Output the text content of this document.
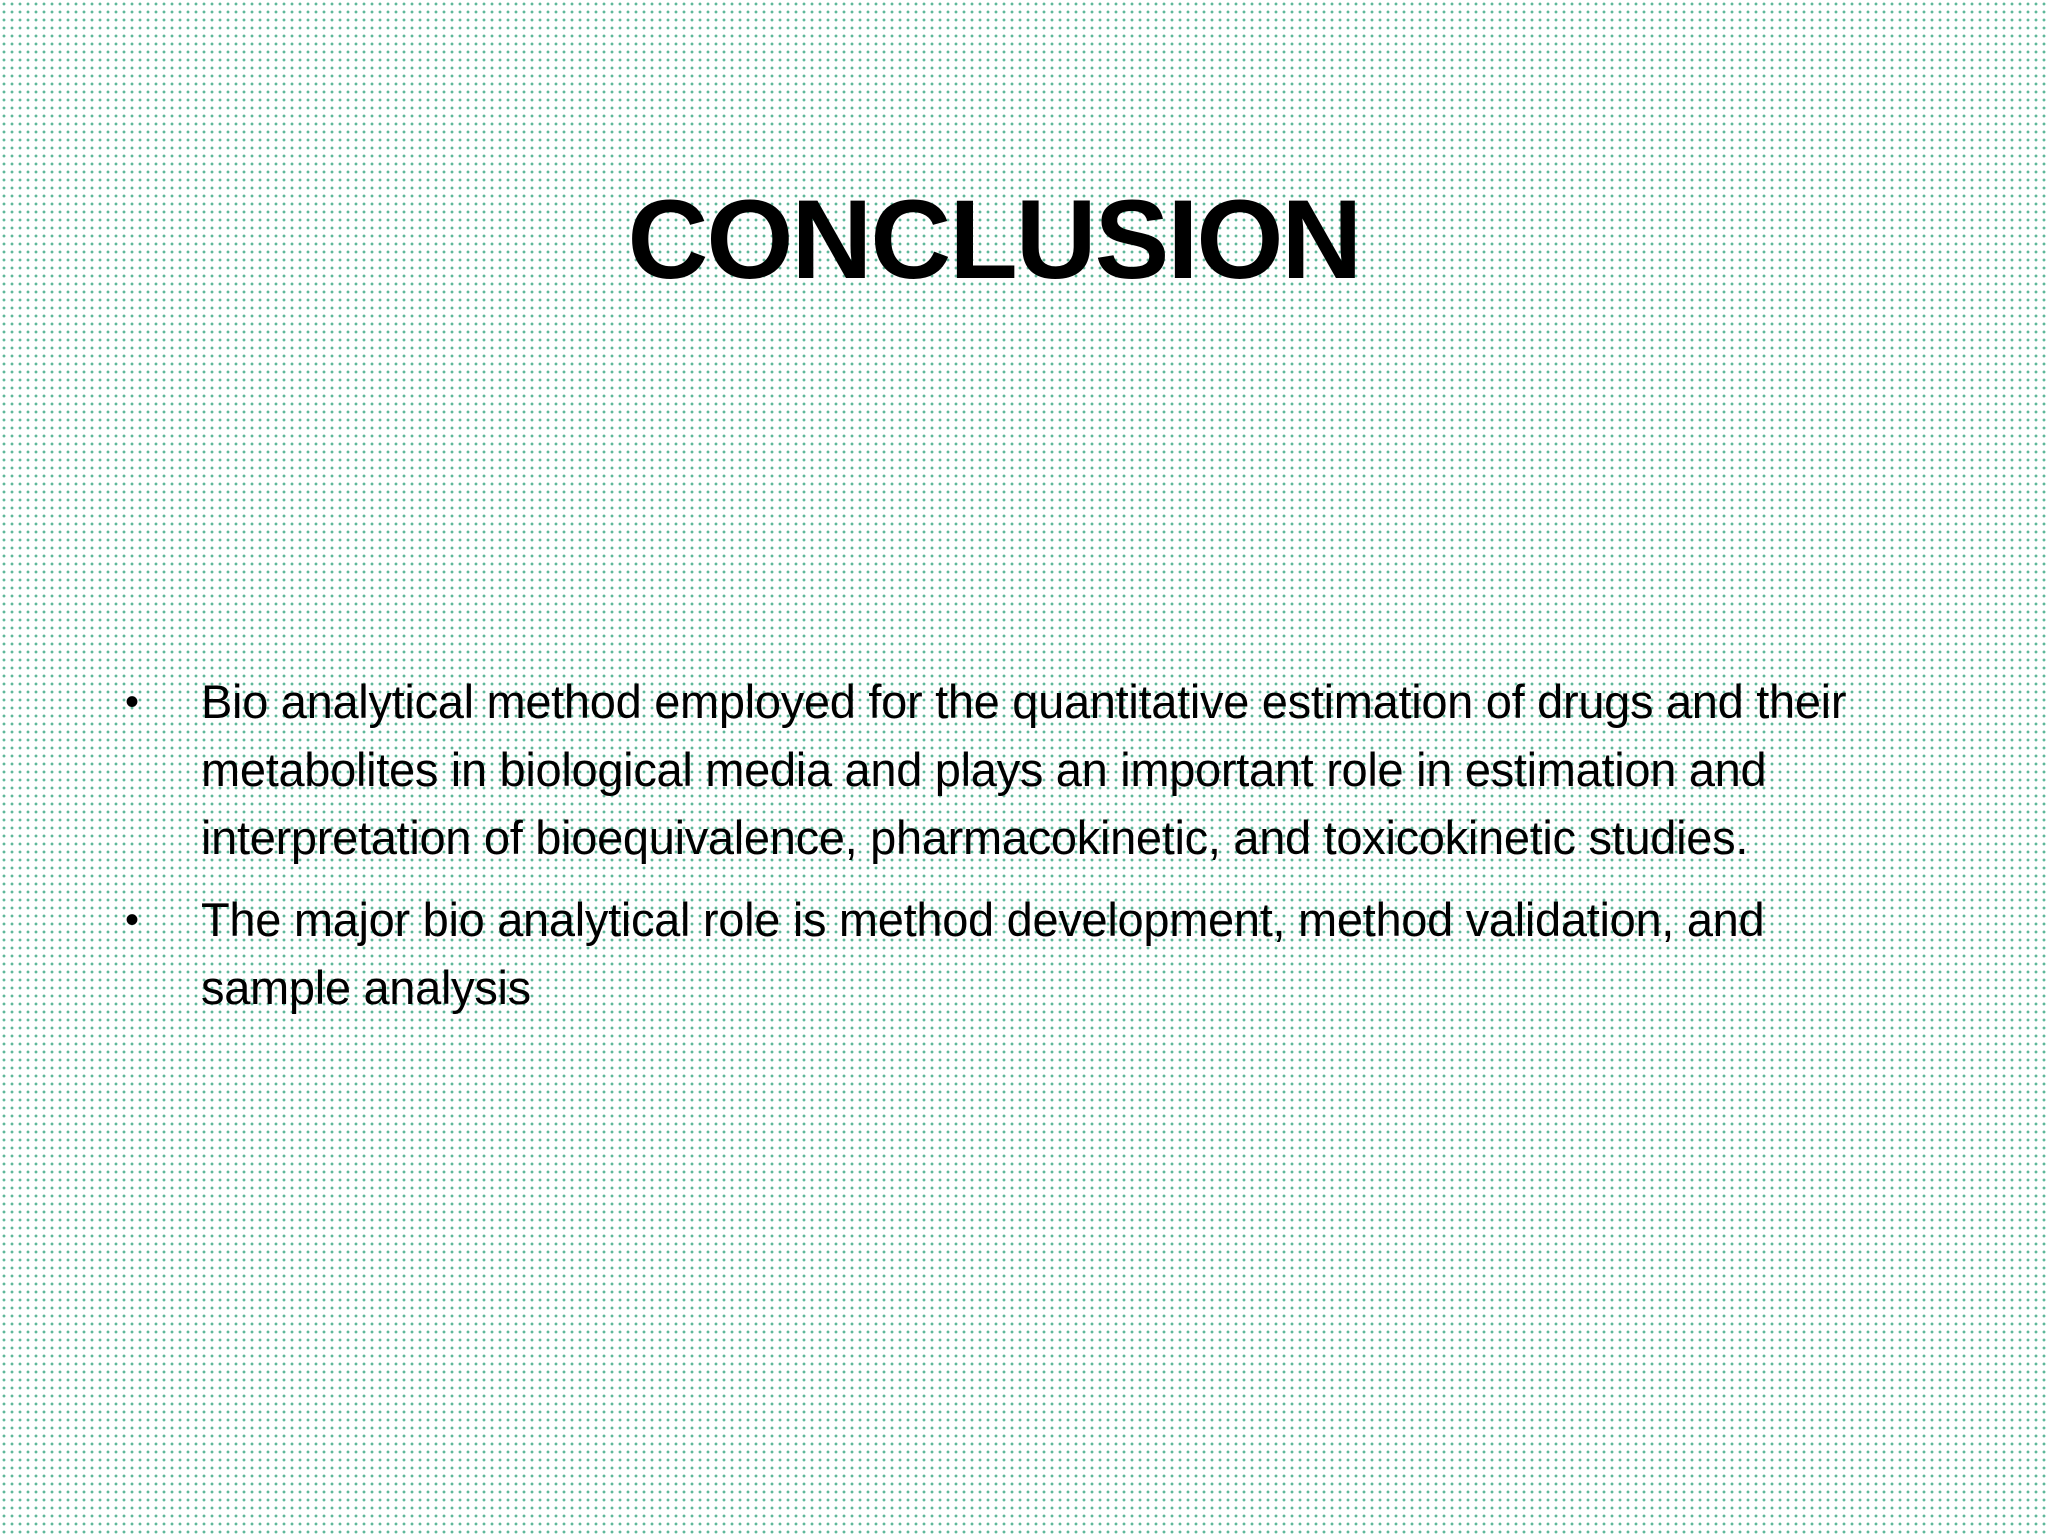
CONCLUSION
•	Bio analytical method employed for the quantitative estimation of drugs and their metabolites in biological media and plays an important role in estimation and interpretation of bioequivalence, pharmacokinetic, and toxicokinetic studies.
•	The major bio analytical role is method development, method validation, and sample analysis
